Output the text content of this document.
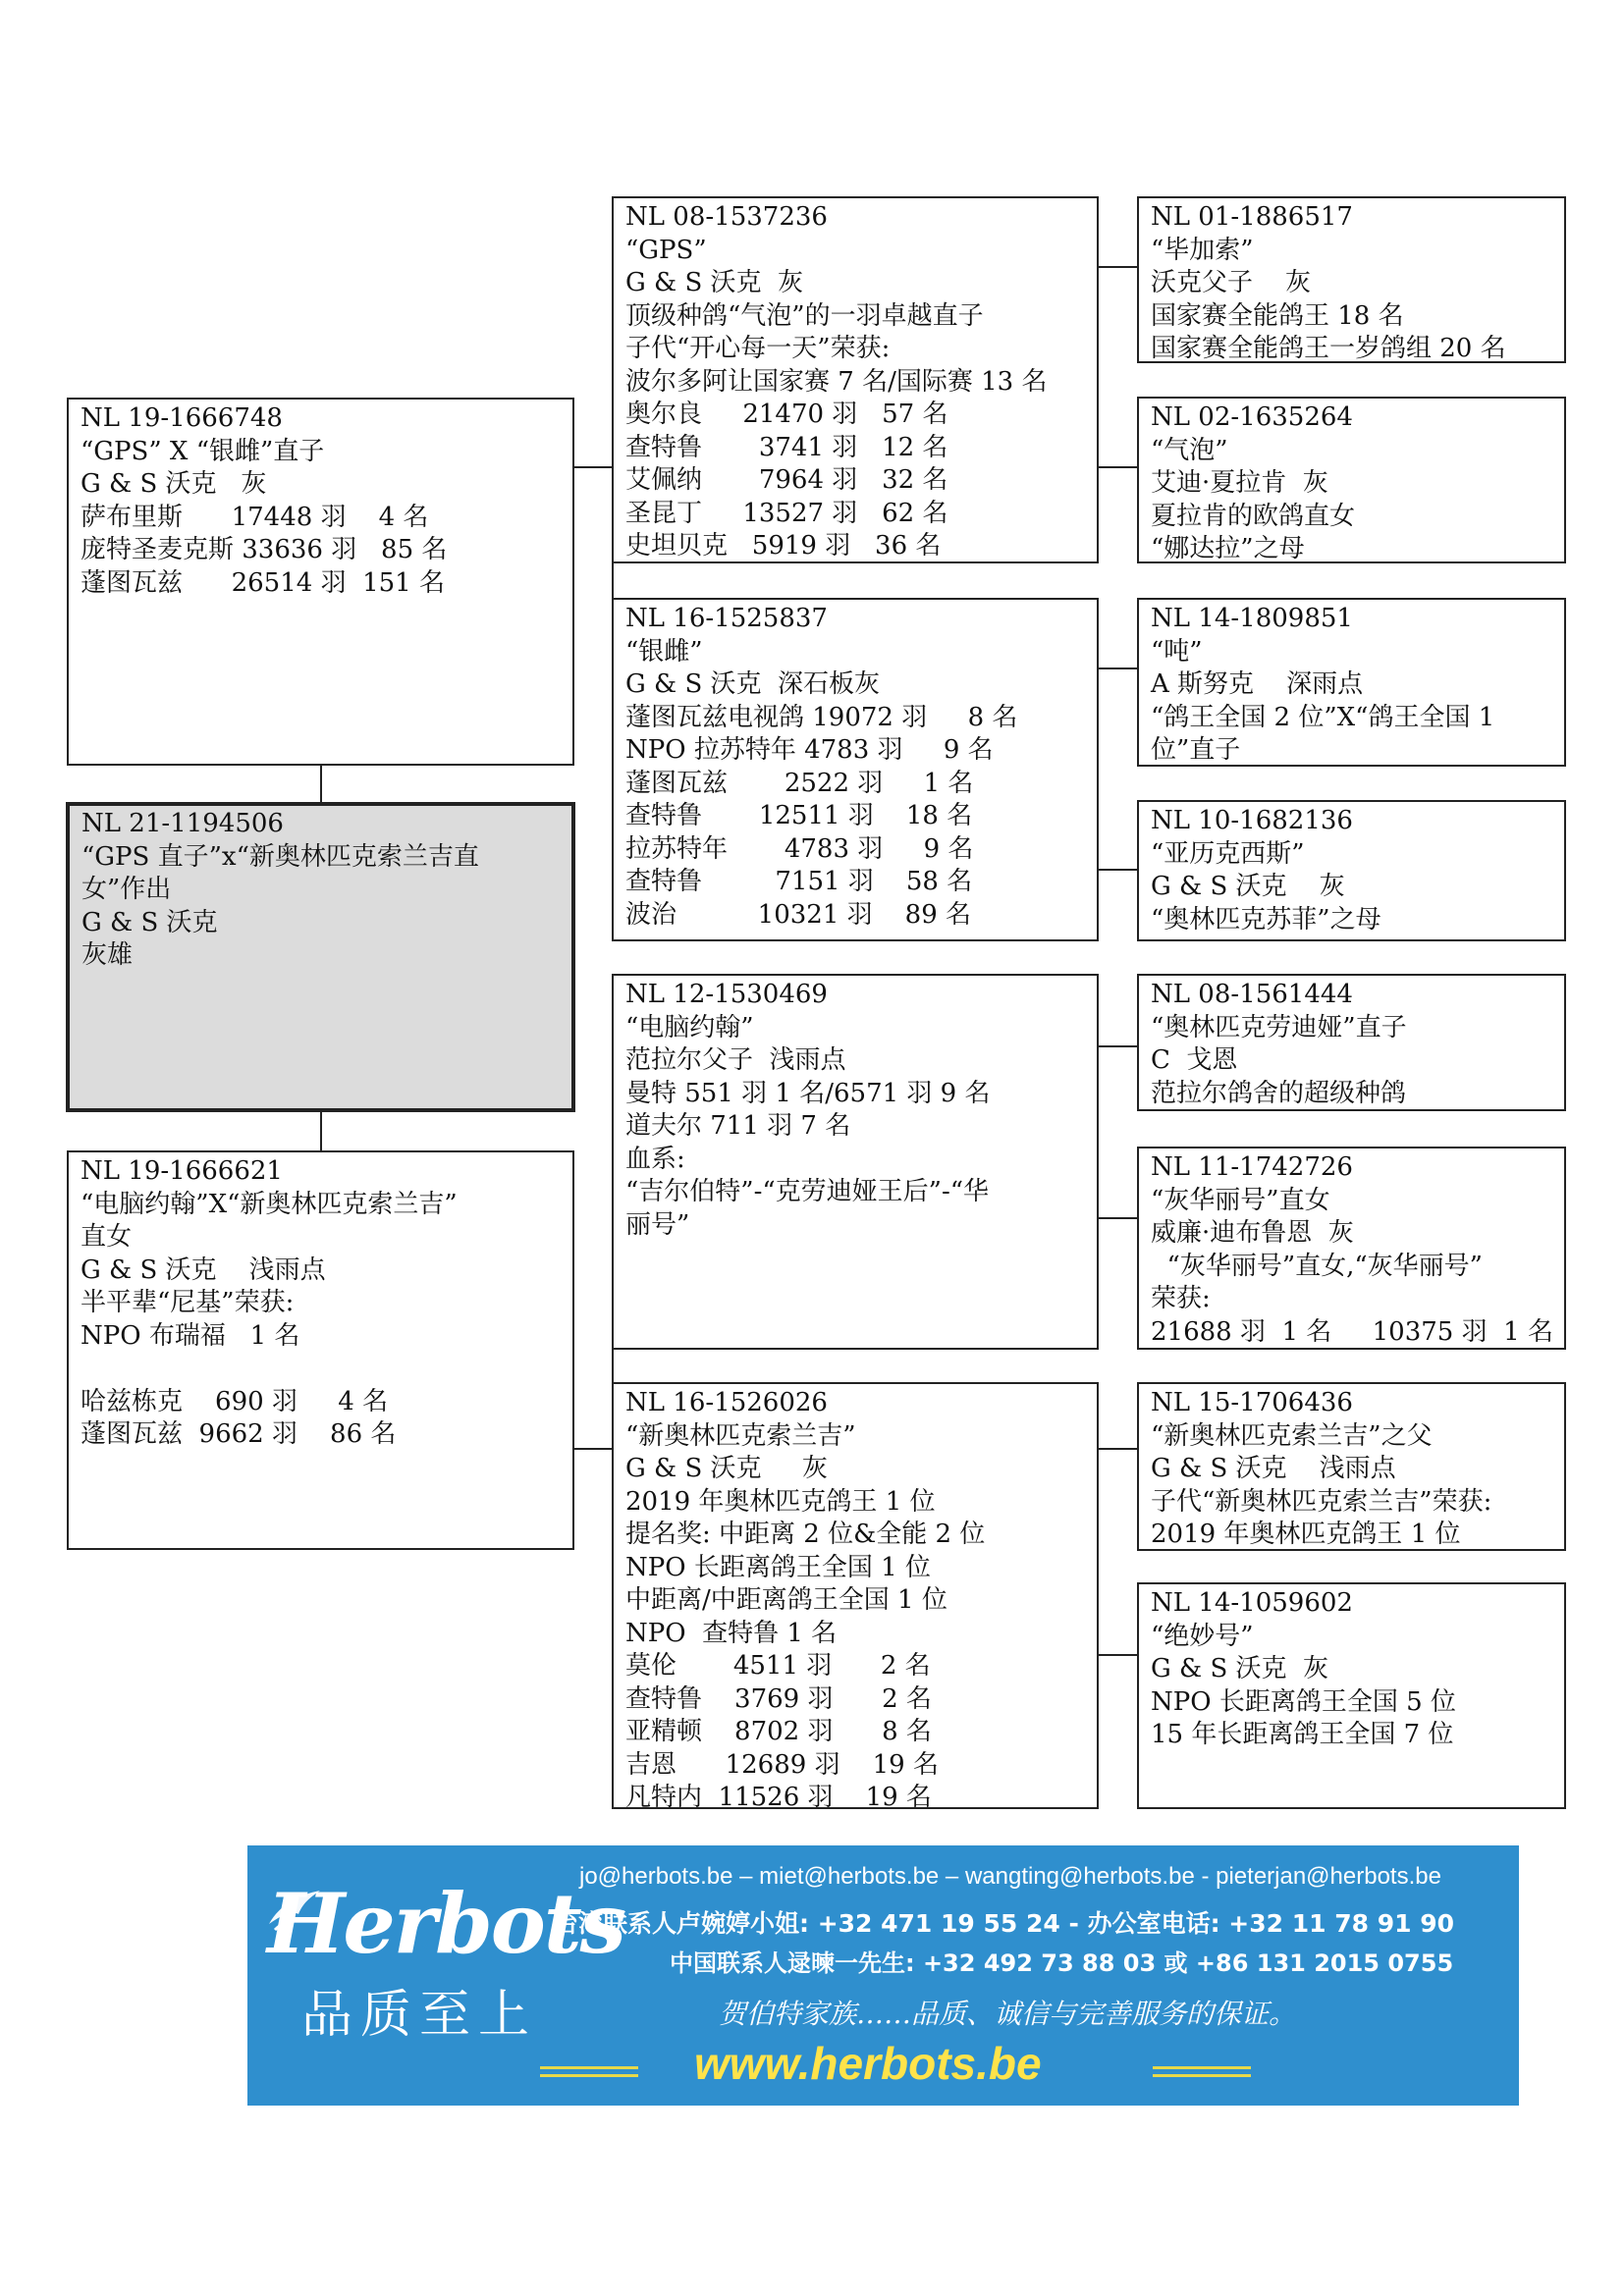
NL 08-1537236
“GPS”
G & S 沃克  灰
顶级种鸽“气泡”的一羽卓越直子
子代“开心每一天”荣获:
波尔多阿让国家赛 7 名/国际赛 13 名
奥尔良     21470 羽   57 名
查特鲁       3741 羽   12 名
艾佩纳       7964 羽   32 名
圣昆丁     13527 羽   62 名
史坦贝克   5919 羽   36 名
NL 01-1886517
“毕加索”
沃克父子    灰
国家赛全能鸽王 18 名
国家赛全能鸽王一岁鸽组 20 名
NL 02-1635264
“气泡”
艾迪·夏拉肯  灰
夏拉肯的欧鸽直女
“娜达拉”之母
NL 19-1666748
“GPS” X “银雌”直子
G & S 沃克   灰
萨布里斯      17448 羽    4 名
庞特圣麦克斯 33636 羽   85 名
蓬图瓦兹      26514 羽  151 名
NL 16-1525837
“银雌”
G & S 沃克  深石板灰
蓬图瓦兹电视鸽 19072 羽     8 名
NPO 拉苏特年 4783 羽     9 名
蓬图瓦兹       2522 羽     1 名
查特鲁       12511 羽    18 名
拉苏特年       4783 羽     9 名
查特鲁         7151 羽    58 名
波治          10321 羽    89 名
NL 14-1809851
“吨”
A 斯努克    深雨点
“鸽王全国 2 位”X“鸽王全国 1
位”直子
NL 10-1682136
“亚历克西斯”
G & S 沃克    灰
“奥林匹克苏菲”之母
NL 21-1194506
“GPS 直子”x“新奥林匹克索兰吉直
女”作出
G & S 沃克
灰雄
NL 19-1666621
“电脑约翰”X“新奥林匹克索兰吉”
直女
G & S 沃克    浅雨点
半平辈“尼基”荣获:
NPO 布瑞福   1 名

哈兹栋克    690 羽     4 名
蓬图瓦兹  9662 羽    86 名
NL 12-1530469
“电脑约翰”
范拉尔父子  浅雨点
曼特 551 羽 1 名/6571 羽 9 名
道夫尔 711 羽 7 名
血系:
“吉尔伯特”-“克劳迪娅王后”-“华
丽号”
NL 08-1561444
“奥林匹克劳迪娅”直子
C  戈恩
范拉尔鸽舍的超级种鸽
NL 11-1742726
“灰华丽号”直女
威廉·迪布鲁恩  灰
“灰华丽号”直女,“灰华丽号”
荣获:
21688 羽  1 名     10375 羽  1 名
NL 16-1526026
“新奥林匹克索兰吉”
G & S 沃克     灰
2019 年奥林匹克鸽王 1 位
提名奖: 中距离 2 位&全能 2 位
NPO 长距离鸽王全国 1 位
中距离/中距离鸽王全国 1 位
NPO  查特鲁 1 名
莫伦       4511 羽      2 名
查特鲁    3769 羽      2 名
亚精顿    8702 羽      8 名
吉恩      12689 羽    19 名
凡特内  11526 羽    19 名
NL 15-1706436
“新奥林匹克索兰吉”之父
G & S 沃克    浅雨点
子代“新奥林匹克索兰吉”荣获:
2019 年奥林匹克鸽王 1 位
NL 14-1059602
“绝妙号”
G & S 沃克  灰
NPO 长距离鸽王全国 5 位
15 年长距离鸽王全国 7 位
Herbots
品质至上
jo@herbots.be – miet@herbots.be – wangting@herbots.be - pieterjan@herbots.be
台湾联系人卢婉婷小姐: +32 471 19 55 24 - 办公室电话: +32 11 78 91 90
中国联系人逯暕一先生: +32 492 73 88 03 或 +86 131 2015 0755
贺伯特家族……品质、诚信与完善服务的保证。
www.herbots.be
